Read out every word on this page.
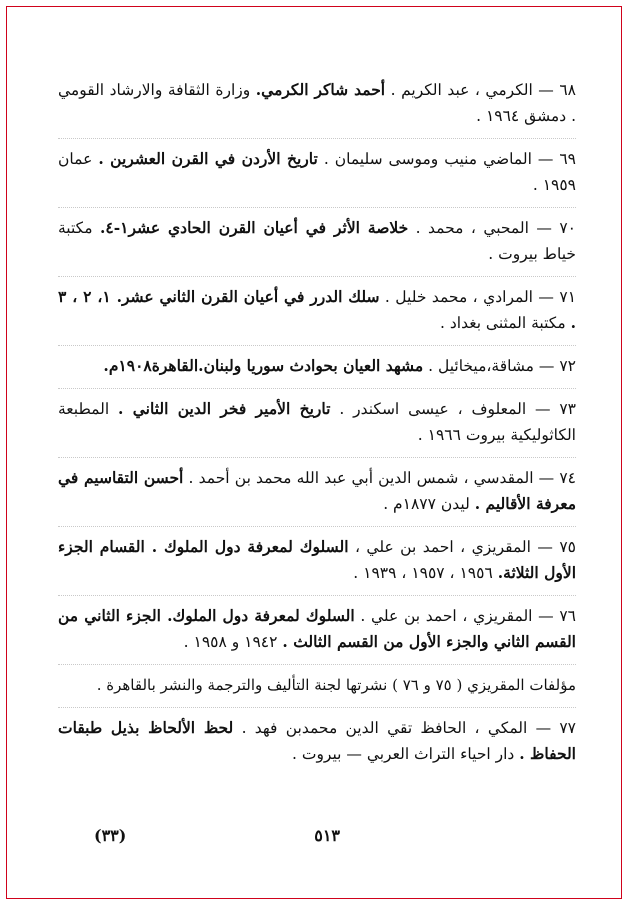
٦٨ — الكرمي ، عبد الكريم . أحمد شاكر الكرمي. وزارة الثقافة والارشاد القومي . دمشق ١٩٦٤ .

٦٩ — الماضي منيب وموسى سليمان . تاريخ الأردن في القرن العشرين . عمان ١٩٥٩ .

٧٠ — المحبي ، محمد . خلاصة الأثر في أعيان القرن الحادي عشر١-٤. مكتبة خياط بيروت .

٧١ — المرادي ، محمد خليل . سلك الدرر في أعيان القرن الثاني عشر. ١، ٢ ، ٣ . مكتبة المثنى بغداد .

٧٢ — مشاقة،ميخائيل . مشهد العيان بحوادث سوريا ولبنان.القاهرة١٩٠٨م.

٧٣ — المعلوف ، عيسى اسكندر . تاريخ الأمير فخر الدين الثاني . المطبعة الكاثوليكية بيروت ١٩٦٦ .

٧٤ — المقدسي ، شمس الدين أبي عبد الله محمد بن أحمد . أحسن التقاسيم في معرفة الأقاليم . ليدن ١٨٧٧م .

٧٥ — المقريزي ، احمد بن علي ، السلوك لمعرفة دول الملوك . القسام الجزء الأول الثلاثة. ١٩٥٦ ، ١٩٥٧ ، ١٩٣٩ .

٧٦ — المقريزي ، احمد بن علي . السلوك لمعرفة دول الملوك. الجزء الثاني من القسم الثاني والجزء الأول من القسم الثالث . ١٩٤٢ و ١٩٥٨ .

مؤلفات المقريزي ( ٧٥ و ٧٦ ) نشرتها لجنة التأليف والترجمة والنشر بالقاهرة .

٧٧ — المكي ، الحافظ تقي الدين محمدبن فهد . لحظ الألحاظ بذيل طبقات الحفاظ . دار احياء التراث العربي — بيروت .

٥١٣
(٣٣)
